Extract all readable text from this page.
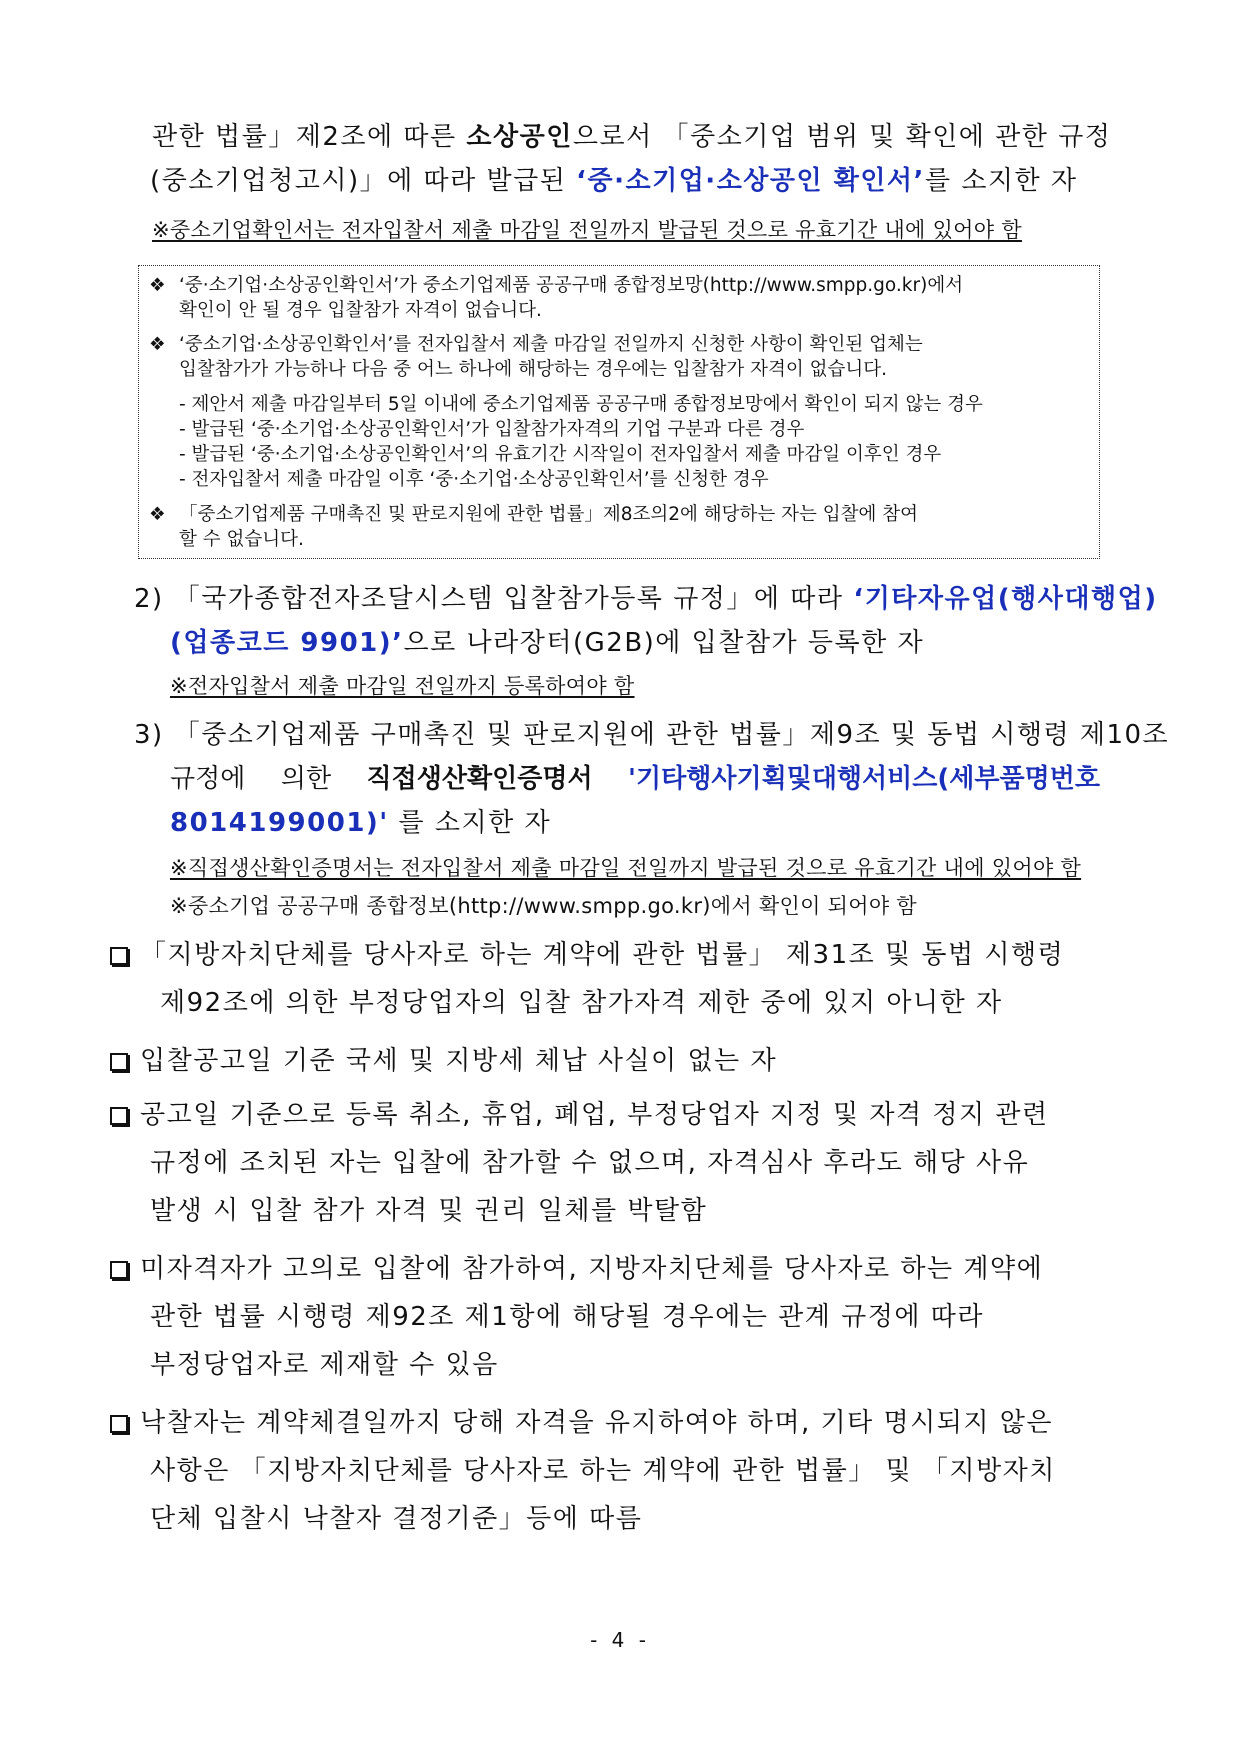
관한 법률」제2조에 따른 소상공인으로서 「중소기업 범위 및 확인에 관한 규정
(중소기업청고시)」에 따라 발급된 ‘중·소기업·소상공인 확인서’를 소지한 자
※중소기업확인서는 전자입찰서 제출 마감일 전일까지 발급된 것으로 유효기간 내에 있어야 함
❖ ‘중·소기업·소상공인확인서’가 중소기업제품 공공구매 종합정보망(http://www.smpp.go.kr)에서
확인이 안 될 경우 입찰참가 자격이 없습니다.
❖ ‘중소기업·소상공인확인서’를 전자입찰서 제출 마감일 전일까지 신청한 사항이 확인된 업체는
입찰참가가 가능하나 다음 중 어느 하나에 해당하는 경우에는 입찰참가 자격이 없습니다.
- 제안서 제출 마감일부터 5일 이내에 중소기업제품 공공구매 종합정보망에서 확인이 되지 않는 경우
- 발급된 ‘중·소기업·소상공인확인서’가 입찰참가자격의 기업 구분과 다른 경우
- 발급된 ‘중·소기업·소상공인확인서’의 유효기간 시작일이 전자입찰서 제출 마감일 이후인 경우
- 전자입찰서 제출 마감일 이후 ‘중·소기업·소상공인확인서’를 신청한 경우
❖ 「중소기업제품 구매촉진 및 판로지원에 관한 법률」제8조의2에 해당하는 자는 입찰에 참여
할 수 없습니다.
2) 「국가종합전자조달시스템 입찰참가등록 규정」에 따라 ‘기타자유업(행사대행업)
(업종코드 9901)’으로 나라장터(G2B)에 입찰참가 등록한 자
※전자입찰서 제출 마감일 전일까지 등록하여야 함
3) 「중소기업제품 구매촉진 및 판로지원에 관한 법률」제9조 및 동법 시행령 제10조
규정에 의한 직접생산확인증명서 '기타행사기획및대행서비스(세부품명번호
8014199001)' 를 소지한 자
※직접생산확인증명서는 전자입찰서 제출 마감일 전일까지 발급된 것으로 유효기간 내에 있어야 함
※중소기업 공공구매 종합정보(http://www.smpp.go.kr)에서 확인이 되어야 함
「지방자치단체를 당사자로 하는 계약에 관한 법률」 제31조 및 동법 시행령
제92조에 의한 부정당업자의 입찰 참가자격 제한 중에 있지 아니한 자
입찰공고일 기준 국세 및 지방세 체납 사실이 없는 자
공고일 기준으로 등록 취소, 휴업, 폐업, 부정당업자 지정 및 자격 정지 관련
규정에 조치된 자는 입찰에 참가할 수 없으며, 자격심사 후라도 해당 사유
발생 시 입찰 참가 자격 및 권리 일체를 박탈함
미자격자가 고의로 입찰에 참가하여, 지방자치단체를 당사자로 하는 계약에
관한 법률 시행령 제92조 제1항에 해당될 경우에는 관계 규정에 따라
부정당업자로 제재할 수 있음
낙찰자는 계약체결일까지 당해 자격을 유지하여야 하며, 기타 명시되지 않은
사항은 「지방자치단체를 당사자로 하는 계약에 관한 법률」 및 「지방자치
단체 입찰시 낙찰자 결정기준」등에 따름
- 4 -
